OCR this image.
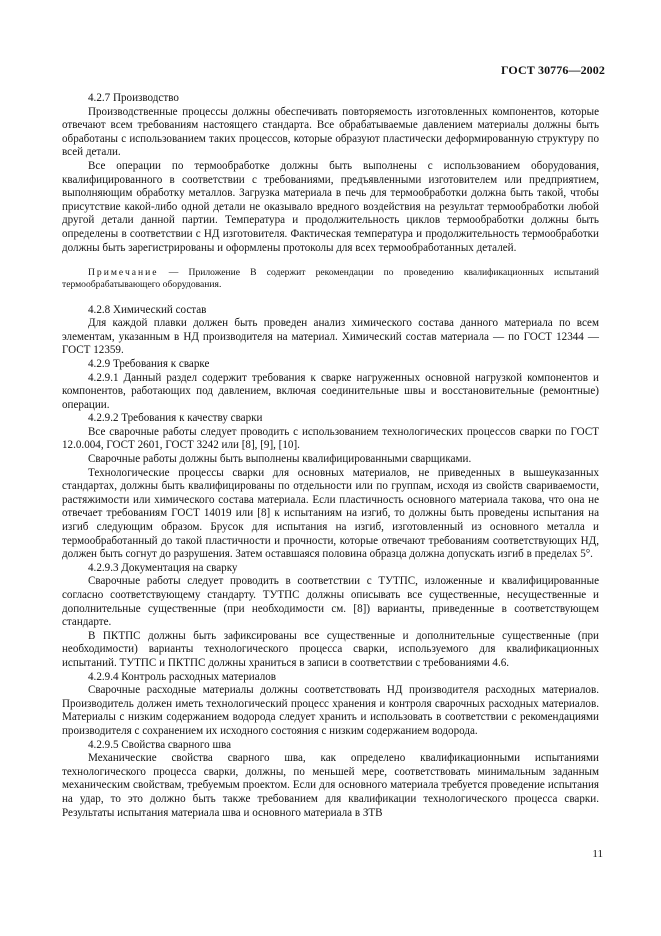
ГОСТ 30776—2002

4.2.7 Производство

Производственные процессы должны обеспечивать повторяемость изготовленных компонентов, которые отвечают всем требованиям настоящего стандарта. Все обрабатываемые давлением материалы должны быть обработаны с использованием таких процессов, которые образуют пластически деформированную структуру по всей детали.

Все операции по термообработке должны быть выполнены с использованием оборудования, квалифицированного в соответствии с требованиями, предъявленными изготовителем или предприятием, выполняющим обработку металлов. Загрузка материала в печь для термообработки должна быть такой, чтобы присутствие какой-либо одной детали не оказывало вредного воздействия на результат термообработки любой другой детали данной партии. Температура и продолжительность циклов термообработки должны быть определены в соответствии с НД изготовителя. Фактическая температура и продолжительность термообработки должны быть зарегистрированы и оформлены протоколы для всех термообработанных деталей.

Примечание — Приложение В содержит рекомендации по проведению квалификационных испытаний термообрабатывающего оборудования.

4.2.8 Химический состав

Для каждой плавки должен быть проведен анализ химического состава данного материала по всем элементам, указанным в НД производителя на материал. Химический состав материала — по ГОСТ 12344 — ГОСТ 12359.

4.2.9 Требования к сварке

4.2.9.1 Данный раздел содержит требования к сварке нагруженных основной нагрузкой компонентов и компонентов, работающих под давлением, включая соединительные швы и восстановительные (ремонтные) операции.

4.2.9.2 Требования к качеству сварки

Все сварочные работы следует проводить с использованием технологических процессов сварки по ГОСТ 12.0.004, ГОСТ 2601, ГОСТ 3242 или [8], [9], [10].

Сварочные работы должны быть выполнены квалифицированными сварщиками.

Технологические процессы сварки для основных материалов, не приведенных в вышеуказанных стандартах, должны быть квалифицированы по отдельности или по группам, исходя из свойств свариваемости, растяжимости или химического состава материала. Если пластичность основного материала такова, что она не отвечает требованиям ГОСТ 14019 или [8] к испытаниям на изгиб, то должны быть проведены испытания на изгиб следующим образом. Брусок для испытания на изгиб, изготовленный из основного металла и термообработанный до такой пластичности и прочности, которые отвечают требованиям соответствующих НД, должен быть согнут до разрушения. Затем оставшаяся половина образца должна допускать изгиб в пределах 5°.

4.2.9.3 Документация на сварку

Сварочные работы следует проводить в соответствии с ТУТПС, изложенные и квалифицированные согласно соответствующему стандарту. ТУТПС должны описывать все существенные, несущественные и дополнительные существенные (при необходимости см. [8]) варианты, приведенные в соответствующем стандарте.

В ПКТПС должны быть зафиксированы все существенные и дополнительные существенные (при необходимости) варианты технологического процесса сварки, используемого для квалификационных испытаний. ТУТПС и ПКТПС должны храниться в записи в соответствии с требованиями 4.6.

4.2.9.4 Контроль расходных материалов

Сварочные расходные материалы должны соответствовать НД производителя расходных материалов. Производитель должен иметь технологический процесс хранения и контроля сварочных расходных материалов. Материалы с низким содержанием водорода следует хранить и использовать в соответствии с рекомендациями производителя с сохранением их исходного состояния с низким содержанием водорода.

4.2.9.5 Свойства сварного шва

Механические свойства сварного шва, как определено квалификационными испытаниями технологического процесса сварки, должны, по меньшей мере, соответствовать минимальным заданным механическим свойствам, требуемым проектом. Если для основного материала требуется проведение испытания на удар, то это должно быть также требованием для квалификации технологического процесса сварки. Результаты испытания материала шва и основного материала в ЗТВ

11
